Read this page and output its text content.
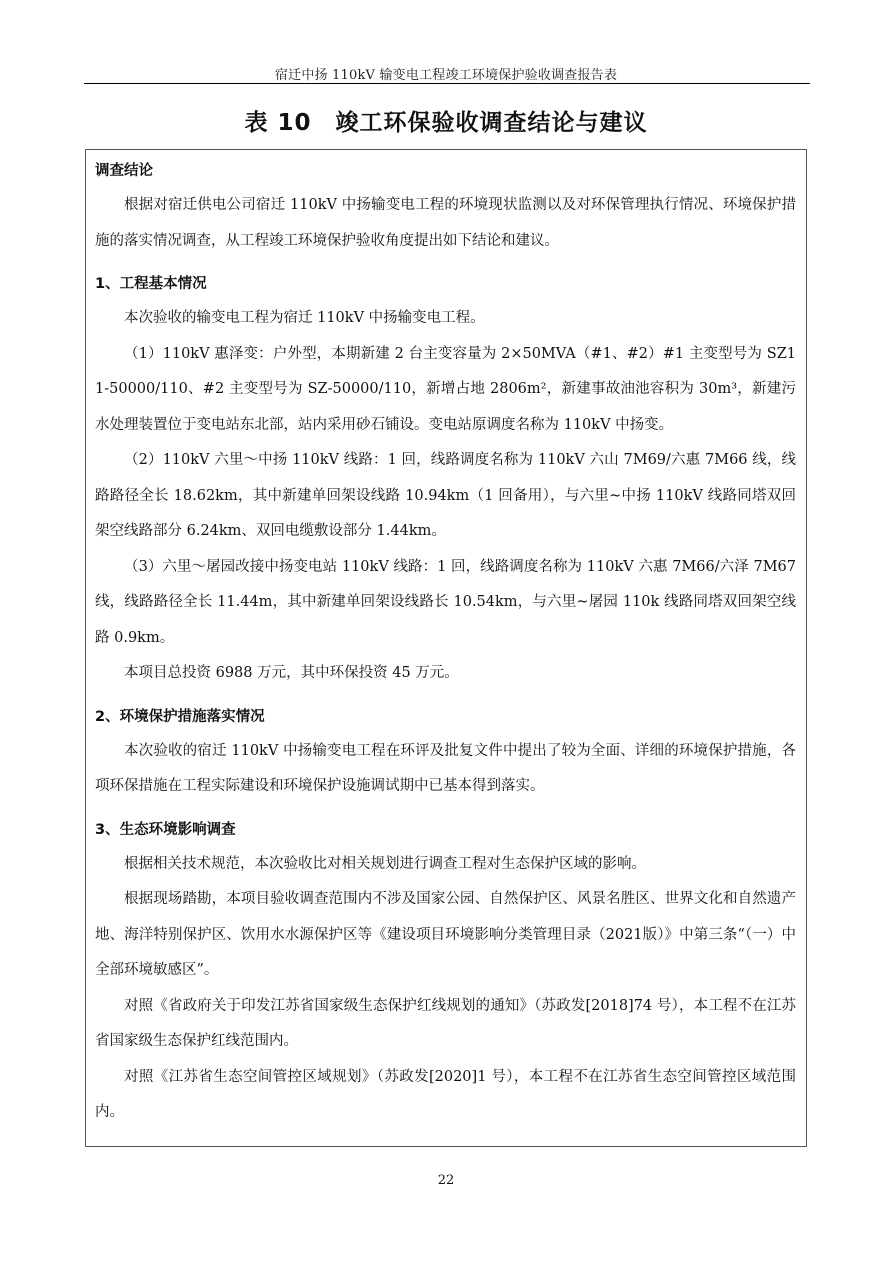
宿迁中扬 110kV 输变电工程竣工环境保护验收调查报告表
表 10　竣工环保验收调查结论与建议
调查结论

根据对宿迁供电公司宿迁 110kV 中扬输变电工程的环境现状监测以及对环保管理执行情况、环境保护措施的落实情况调查，从工程竣工环境保护验收角度提出如下结论和建议。

1、工程基本情况

本次验收的输变电工程为宿迁 110kV 中扬输变电工程。

（1）110kV 惠泽变：户外型，本期新建 2 台主变容量为 2×50MVA（#1、#2）#1 主变型号为 SZ11-50000/110、#2 主变型号为 SZ-50000/110，新增占地 2806m²，新建事故油池容积为 30m³，新建污水处理装置位于变电站东北部，站内采用砂石铺设。变电站原调度名称为 110kV 中扬变。

（2）110kV 六里～中扬 110kV 线路：1 回，线路调度名称为 110kV 六山 7M69/六惠 7M66 线，线路路径全长 18.62km，其中新建单回架设线路 10.94km（1 回备用），与六里~中扬 110kV 线路同塔双回架空线路部分 6.24km、双回电缆敷设部分 1.44km。

（3）六里～屠园改接中扬变电站 110kV 线路：1 回，线路调度名称为 110kV 六惠 7M66/六泽 7M67 线，线路路径全长 11.44m，其中新建单回架设线路长 10.54km，与六里~屠园 110k 线路同塔双回架空线路 0.9km。

本项目总投资 6988 万元，其中环保投资 45 万元。

2、环境保护措施落实情况

本次验收的宿迁 110kV 中扬输变电工程在环评及批复文件中提出了较为全面、详细的环境保护措施，各项环保措施在工程实际建设和环境保护设施调试期中已基本得到落实。

3、生态环境影响调查

根据相关技术规范，本次验收比对相关规划进行调查工程对生态保护区域的影响。

根据现场踏勘，本项目验收调查范围内不涉及国家公园、自然保护区、风景名胜区、世界文化和自然遗产地、海洋特别保护区、饮用水水源保护区等《建设项目环境影响分类管理目录（2021版）》中第三条“（一）中全部环境敏感区”。

对照《省政府关于印发江苏省国家级生态保护红线规划的通知》（苏政发[2018]74 号），本工程不在江苏省国家级生态保护红线范围内。

对照《江苏省生态空间管控区域规划》（苏政发[2020]1 号），本工程不在江苏省生态空间管控区域范围内。

22
